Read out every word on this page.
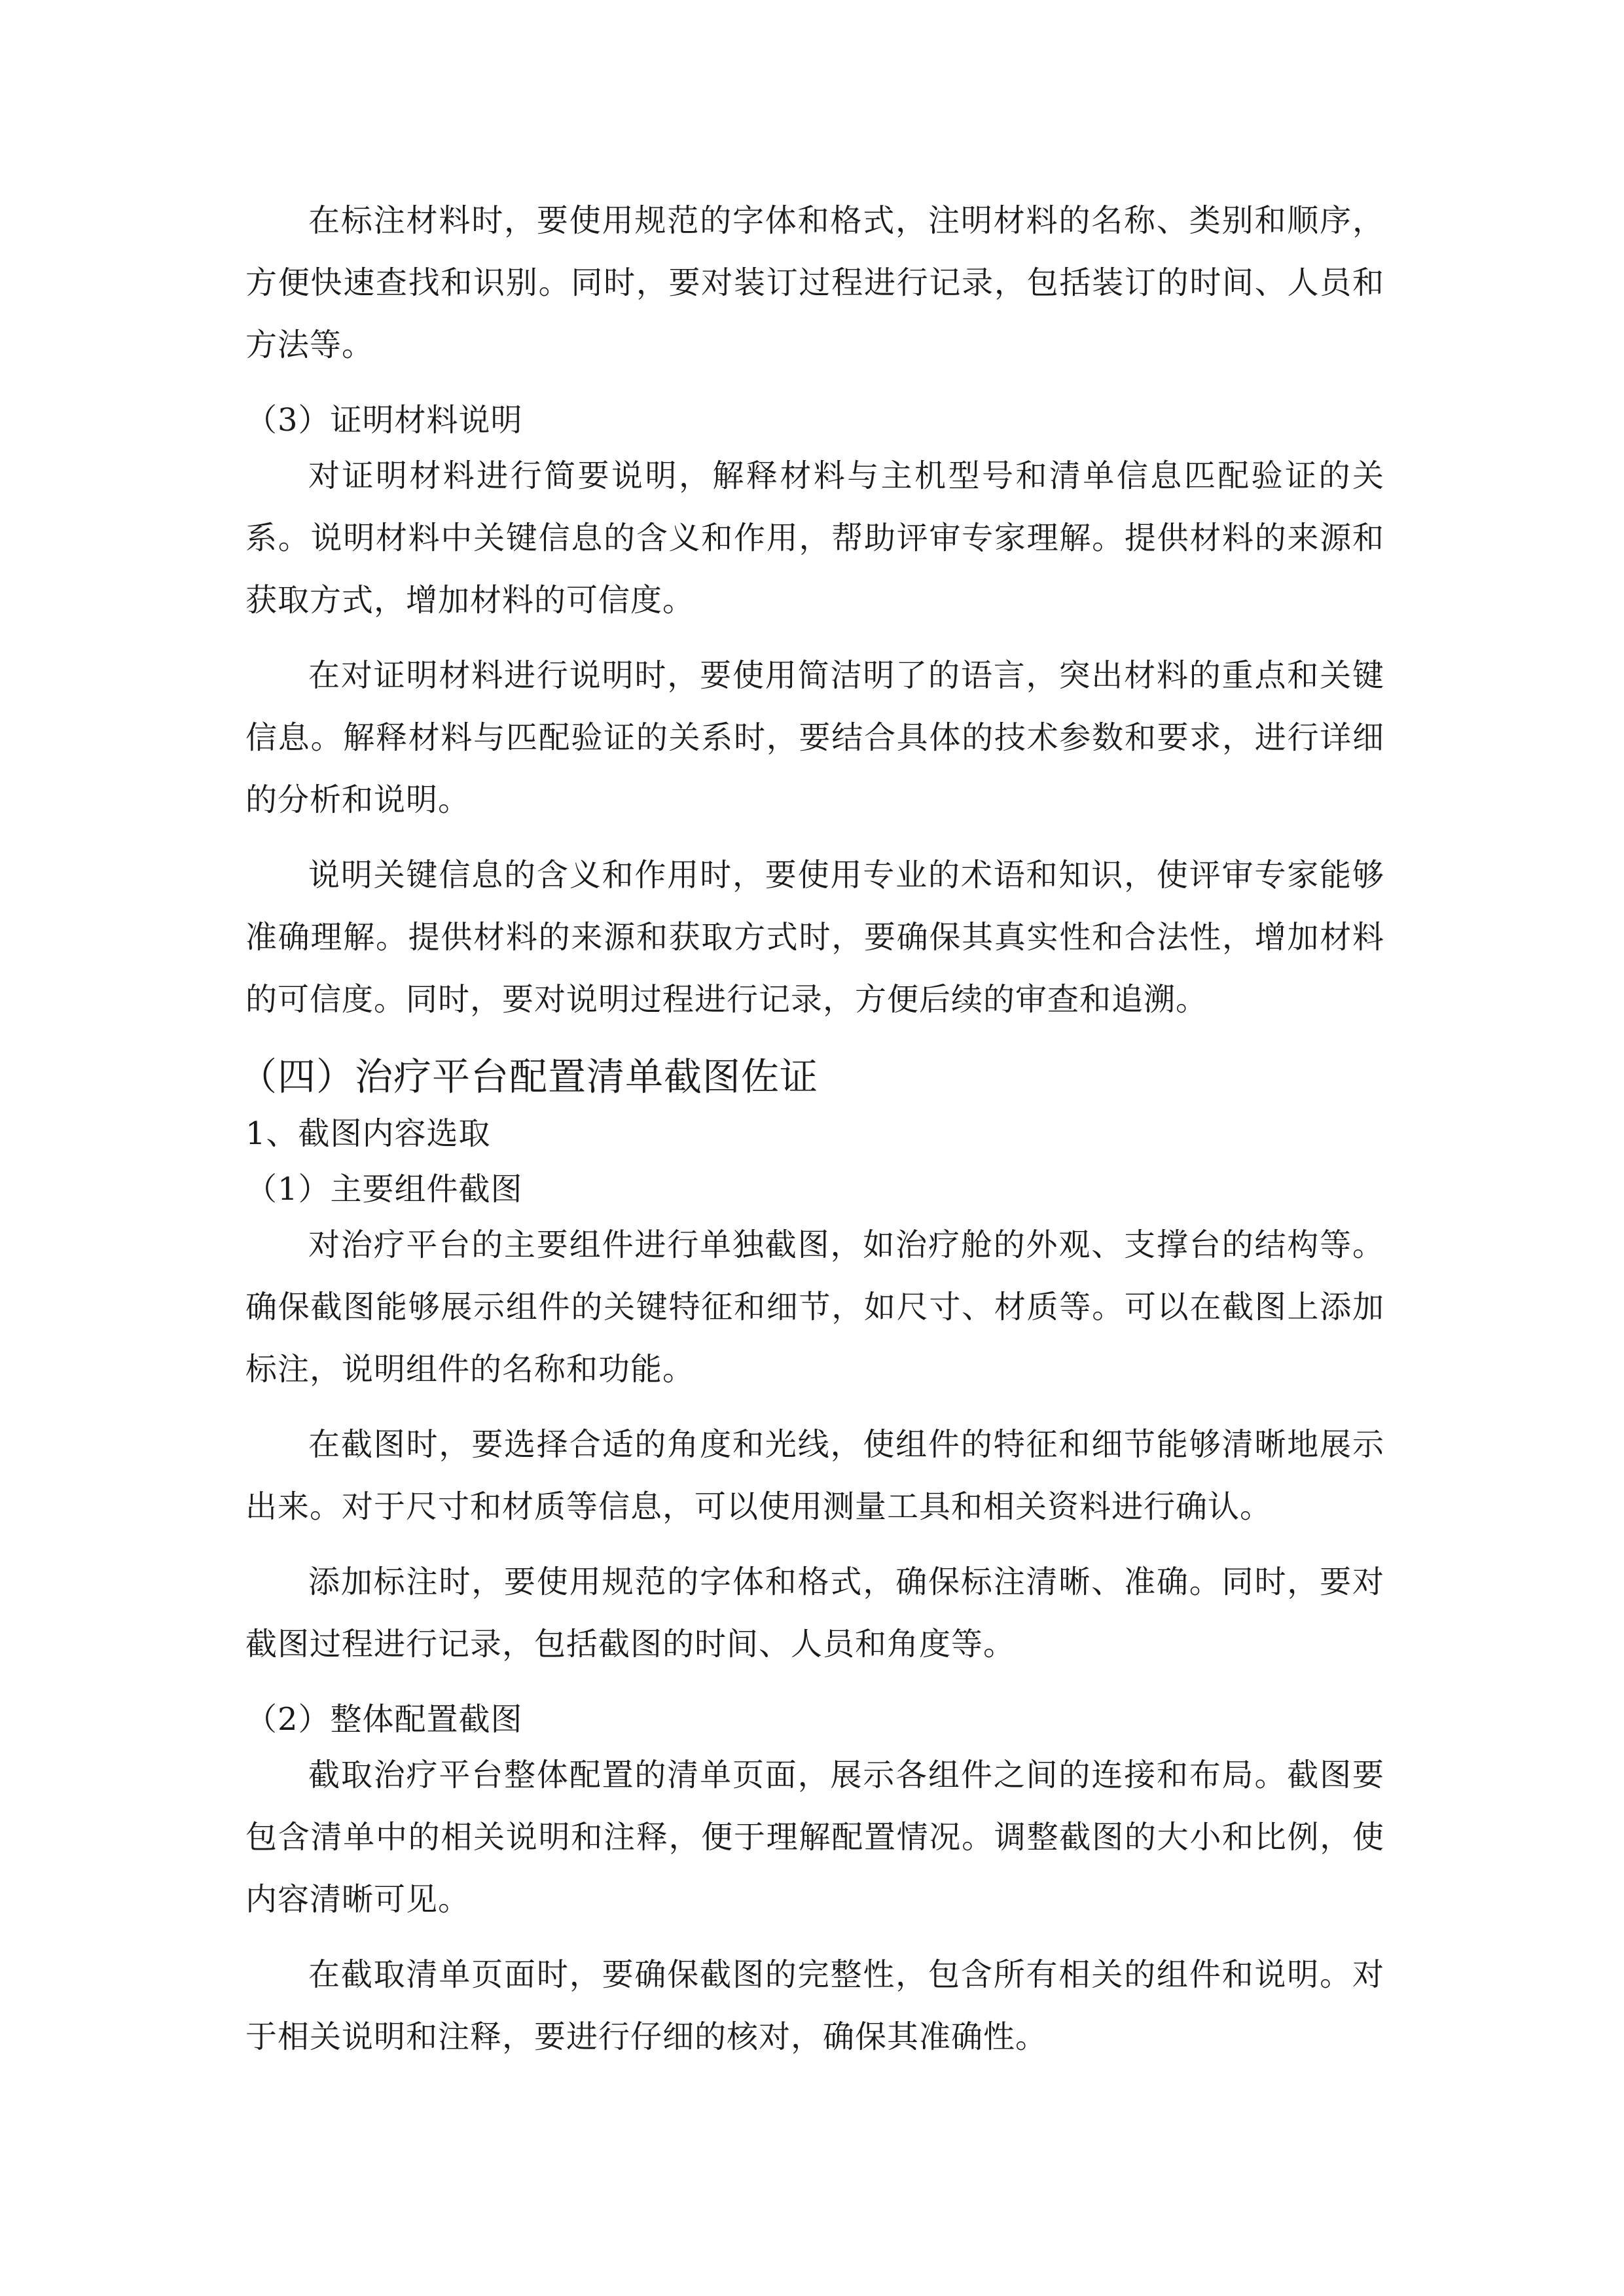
在标注材料时，要使用规范的字体和格式，注明材料的名称、类别和顺序，方便快速查找和识别。同时，要对装订过程进行记录，包括装订的时间、人员和方法等。

（3）证明材料说明

对证明材料进行简要说明，解释材料与主机型号和清单信息匹配验证的关系。说明材料中关键信息的含义和作用，帮助评审专家理解。提供材料的来源和获取方式，增加材料的可信度。

在对证明材料进行说明时，要使用简洁明了的语言，突出材料的重点和关键信息。解释材料与匹配验证的关系时，要结合具体的技术参数和要求，进行详细的分析和说明。

说明关键信息的含义和作用时，要使用专业的术语和知识，使评审专家能够准确理解。提供材料的来源和获取方式时，要确保其真实性和合法性，增加材料的可信度。同时，要对说明过程进行记录，方便后续的审查和追溯。

（四）治疗平台配置清单截图佐证
1、截图内容选取
（1）主要组件截图

对治疗平台的主要组件进行单独截图，如治疗舱的外观、支撑台的结构等。确保截图能够展示组件的关键特征和细节，如尺寸、材质等。可以在截图上添加标注，说明组件的名称和功能。

在截图时，要选择合适的角度和光线，使组件的特征和细节能够清晰地展示出来。对于尺寸和材质等信息，可以使用测量工具和相关资料进行确认。

添加标注时，要使用规范的字体和格式，确保标注清晰、准确。同时，要对截图过程进行记录，包括截图的时间、人员和角度等。

（2）整体配置截图

截取治疗平台整体配置的清单页面，展示各组件之间的连接和布局。截图要包含清单中的相关说明和注释，便于理解配置情况。调整截图的大小和比例，使内容清晰可见。

在截取清单页面时，要确保截图的完整性，包含所有相关的组件和说明。对于相关说明和注释，要进行仔细的核对，确保其准确性。
